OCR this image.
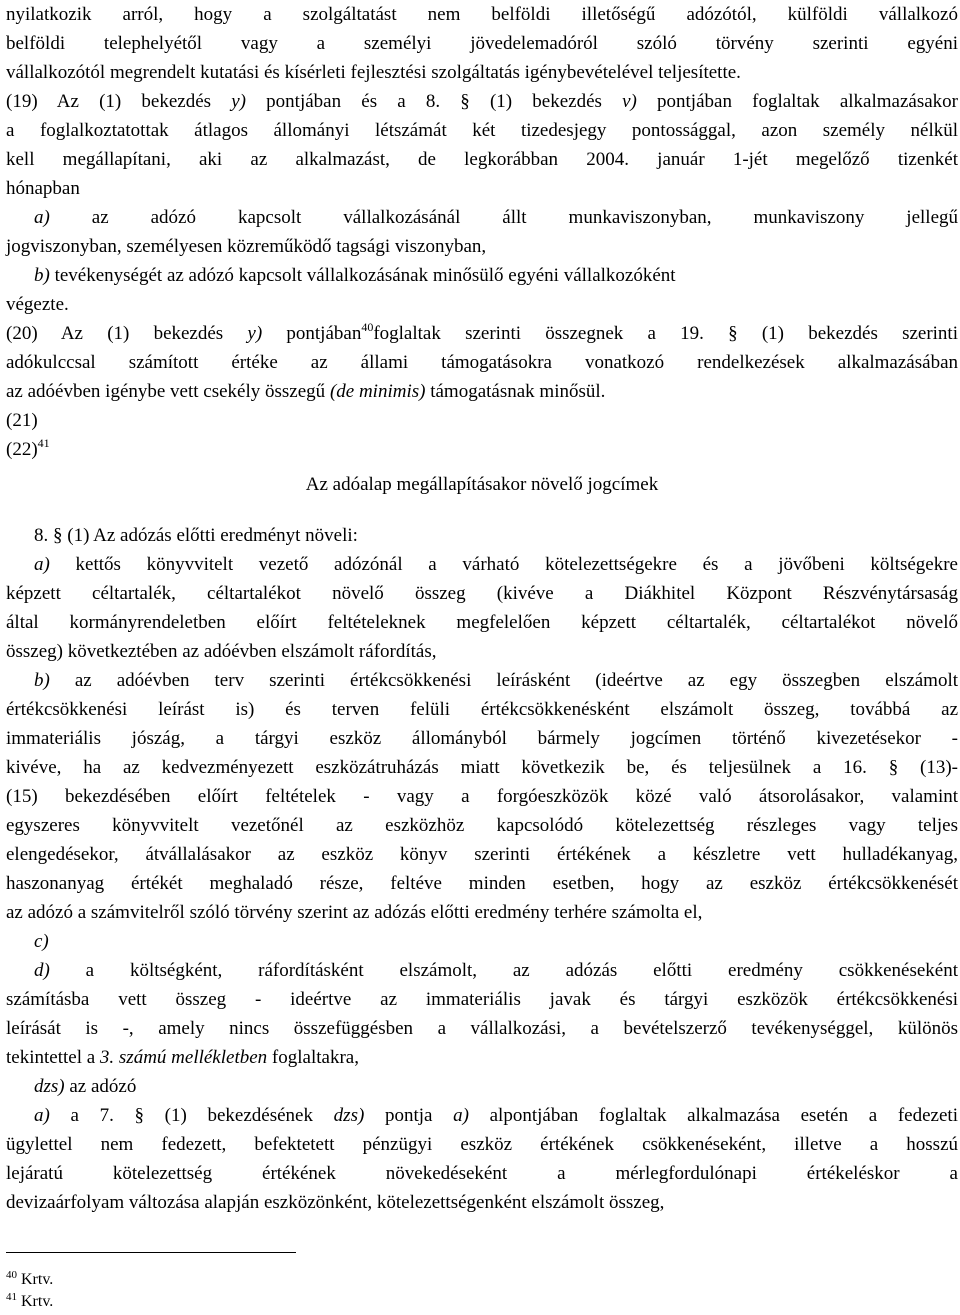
nyilatkozik arról, hogy a szolgáltatást nem belföldi illetőségű adózótól, külföldi vállalkozó
belföldi telephelyétől vagy a személyi jövedelemadóról szóló törvény szerinti egyéni
vállalkozótól megrendelt kutatási és kísérleti fejlesztési szolgáltatás igénybevételével teljesítette.
(19) Az (1) bekezdés y) pontjában és a 8. § (1) bekezdés v) pontjában foglaltak alkalmazásakor
a foglalkoztatottak átlagos állományi létszámát két tizedesjegy pontossággal, azon személy nélkül
kell megállapítani, aki az alkalmazást, de legkorábban 2004. január 1-jét megelőző tizenkét
hónapban
a) az adózó kapcsolt vállalkozásánál állt munkaviszonyban, munkaviszony jellegű
jogviszonyban, személyesen közreműködő tagsági viszonyban,
b) tevékenységét az adózó kapcsolt vállalkozásának minősülő egyéni vállalkozóként
végezte.
(20) Az (1) bekezdés y) pontjában$^{40}$foglaltak szerinti összegnek a 19. § (1) bekezdés szerinti
adókulccsal számított értéke az állami támogatásokra vonatkozó rendelkezések alkalmazásában
az adóévben igénybe vett csekély összegű (de minimis) támogatásnak minősül.
(21)
$(22)^{41}$
Az adóalap megállapításakor növelő jogcímek
8. § (1) Az adózás előtti eredményt növeli:
a) kettős könyvvitelt vezető adózónál a várható kötelezettségekre és a jövőbeni költségekre
képzett céltartalék, céltartalékot növelő összeg (kivéve a Diákhitel Központ Részvénytársaság
által kormányrendeletben előírt feltételeknek megfelelően képzett céltartalék, céltartalékot növelő
összeg) következtében az adóévben elszámolt ráfordítás,
b) az adóévben terv szerinti értékcsökkenési leírásként (ideértve az egy összegben elszámolt
értékcsökkenési leírást is) és terven felüli értékcsökkenésként elszámolt összeg, továbbá az
immateriális jószág, a tárgyi eszköz állományból bármely jogcímen történő kivezetésekor -
kivéve, ha az kedvezményezett eszközátruházás miatt következik be, és teljesülnek a 16. § (13)-
(15) bekezdésében előírt feltételek - vagy a forgóeszközök közé való átsorolásakor, valamint
egyszeres könyvvitelt vezetőnél az eszközhöz kapcsolódó kötelezettség részleges vagy teljes
elengedésekor, átvállalásakor az eszköz könyv szerinti értékének a készletre vett hulladékanyag,
haszonanyag értékét meghaladó része, feltéve minden esetben, hogy az eszköz értékcsökkenését
az adózó a számvitelről szóló törvény szerint az adózás előtti eredmény terhére számolta el,
c)
d) a költségként, ráfordításként elszámolt, az adózás előtti eredmény csökkenéseként
számításba vett összeg - ideértve az immateriális javak és tárgyi eszközök értékcsökkenési
leírását is -, amely nincs összefüggésben a vállalkozási, a bevételszerző tevékenységgel, különös
tekintettel a 3. számú mellékletben foglaltakra,
dzs) az adózó
a) a 7. § (1) bekezdésének dzs) pontja a) alpontjában foglaltak alkalmazása esetén a fedezeti
ügylettel nem fedezett, befektetett pénzügyi eszköz értékének csökkenéseként, illetve a hosszú
lejáratú kötelezettség értékének növekedéseként a mérlegfordulónapi értékeléskor a
devizaárfolyam változása alapján eszközönként, kötelezettségenként elszámolt összeg,
$^{40}$ Krtv.
$^{41}$ Krtv.
